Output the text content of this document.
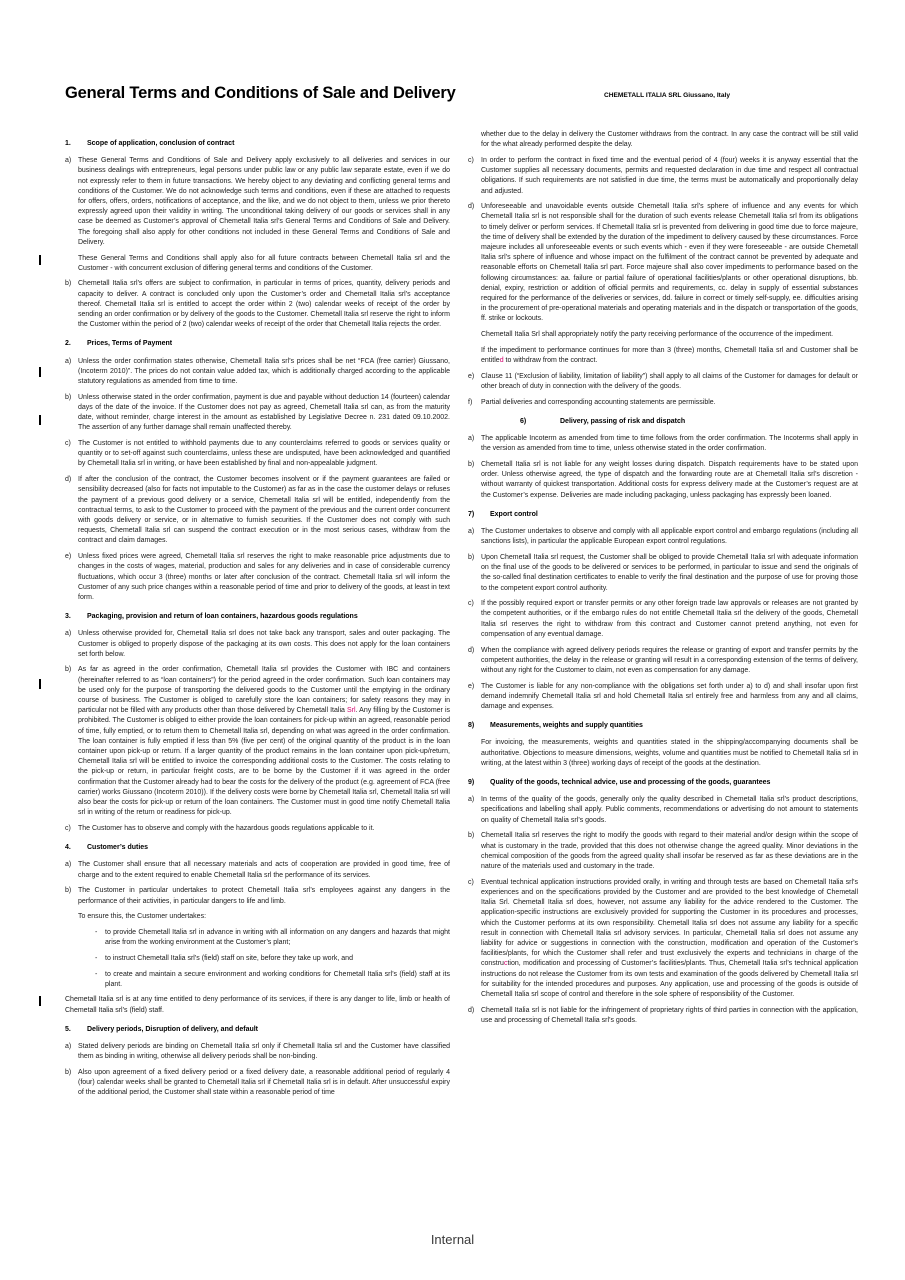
General Terms and Conditions of Sale and Delivery	CHEMETALL ITALIA SRL Giussano, Italy
1. Scope of application, conclusion of contract
a) These General Terms and Conditions of Sale and Delivery apply exclusively to all deliveries and services in our business dealings with entrepreneurs, legal persons under public law or any public law separate estate, even if we do not expressly refer to them in future transactions. We hereby object to any deviating and conflicting general terms and conditions of the Customer. We do not acknowledge such terms and conditions, even if these are attached to requests for offers, offers, orders, notifications of acceptance, and the like, and we do not object to them, unless we prior thereto expressly agreed upon their validity in writing. The unconditional taking delivery of our goods or services shall in any case be deemed as Customer’s approval of Chemetall Italia srl’s General Terms and Conditions of Sale and Delivery. The foregoing shall also apply for other conditions not included in these General Terms and Conditions of Sale and Delivery.
These General Terms and Conditions shall apply also for all future contracts between Chemetall Italia srl and the Customer - with concurrent exclusion of differing general terms and conditions of the Customer.
b) Chemetall Italia srl’s offers are subject to confirmation, in particular in terms of prices, quantity, delivery periods and capacity to deliver. A contract is concluded only upon the Customer’s order and Chemetall Italia srl’s acceptance thereof. Chemetall Italia srl is entitled to accept the order within 2 (two) calendar weeks of receipt of the order by sending an order confirmation or by delivery of the goods to the Customer. Chemetall Italia srl reserve the right to inform the Customer within the period of 2 (two) calendar weeks of receipt of the order that Chemetall Italia rejects the order.
2. Prices, Terms of Payment
a) Unless the order confirmation states otherwise, Chemetall Italia srl’s prices shall be net “FCA (free carrier) Giussano, (Incoterm 2010)”. The prices do not contain value added tax, which is additionally charged according to the applicable statutory regulations as amended from time to time.
b) Unless otherwise stated in the order confirmation, payment is due and payable without deduction 14 (fourteen) calendar days of the date of the invoice. If the Customer does not pay as agreed, Chemetall Italia srl can, as from the maturity date, without reminder, charge interest in the amount as established by Legislative Decree n. 231 dated 09.10.2002. The assertion of any further damage shall remain unaffected thereby.
c) The Customer is not entitled to withhold payments due to any counterclaims referred to goods or services quality or quantity or to set-off against such counterclaims, unless these are undisputed, have been acknowledged and quantified by Chemetall Italia srl in writing, or have been established by final and non-appealable judgment.
d) If after the conclusion of the contract, the Customer becomes insolvent or if the payment guarantees are failed or sensibility decreased (also for facts not imputable to the Customer) as far as in the case the customer delays or refuses the payment of a previous good delivery or a service, Chemetall Italia srl will be entitled, independently from the contractual terms, to ask to the Customer to proceed with the payment of the previous and the current order concurrent with goods delivery or service, or in alternative to furnish securities. If the Customer does not comply with such requests, Chemetall Italia srl can suspend the contract execution or in the most serious cases, withdraw from the contract and claim damages.
e) Unless fixed prices were agreed, Chemetall Italia srl reserves the right to make reasonable price adjustments due to changes in the costs of wages, material, production and sales for any deliveries and in case of considerable currency fluctuations, which occur 3 (three) months or later after conclusion of the contract. Chemetall Italia srl will inform the Customer of any such price changes within a reasonable period of time and prior to delivery of the goods, at least in text form.
3. Packaging, provision and return of loan containers, hazardous goods regulations
a) Unless otherwise provided for, Chemetall Italia srl does not take back any transport, sales and outer packaging. The Customer is obliged to properly dispose of the packaging at its own costs. This does not apply for the loan containers set forth below.
b) As far as agreed in the order confirmation, Chemetall Italia srl provides the Customer with IBC and containers (hereinafter referred to as “loan containers”) for the period agreed in the order confirmation. Such loan containers may be used only for the purpose of transporting the delivered goods to the Customer until the emptying in the ordinary course of business. The Customer is obliged to carefully store the loan containers; for safety reasons they may in particular not be filled with any products other than those delivered by Chemetall Italia Srl. Any filling by the Customer is prohibited. The Customer is obliged to either provide the loan containers for pick-up within an agreed, reasonable period of time, fully emptied, or to return them to Chemetall Italia srl, depending on what was agreed in the order confirmation. The loan container is fully emptied if less than 5% (five per cent) of the original quantity of the product is in the loan container upon pick-up or return. If a larger quantity of the product remains in the loan container upon pick-up/return, Chemetall Italia srl will be entitled to invoice the corresponding additional costs to the Customer. The costs relating to the pick-up or return, in particular freight costs, are to be borne by the Customer if it was agreed in the order confirmation that the Customer already had to bear the costs for the delivery of the product (e.g. agreement of FCA (free carrier) works Giussano (Incoterm 2010)). If the delivery costs were borne by Chemetall Italia srl, Chemetall Italia srl will also bear the costs for pick-up or return of the loan containers. The Customer must in good time notify Chemetall Italia srl in writing of the return or readiness for pick-up.
c) The Customer has to observe and comply with the hazardous goods regulations applicable to it.
4. Customer’s duties
a) The Customer shall ensure that all necessary materials and acts of cooperation are provided in good time, free of charge and to the extent required to enable Chemetall Italia srl the performance of its services.
b) The Customer in particular undertakes to protect Chemetall Italia srl’s employees against any dangers in the performance of their activities, in particular dangers to life and limb.
To ensure this, the Customer undertakes:
- to provide Chemetall Italia srl in advance in writing with all information on any dangers and hazards that might arise from the working environment at the Customer’s plant;
- to instruct Chemetall Italia srl’s (field) staff on site, before they take up work, and
- to create and maintain a secure environment and working conditions for Chemetall Italia srl’s (field) staff at its plant.
Chemetall Italia srl is at any time entitled to deny performance of its services, if there is any danger to life, limb or health of Chemetall Italia srl’s (field) staff.
5. Delivery periods, Disruption of delivery, and default
a) Stated delivery periods are binding on Chemetall Italia srl only if Chemetall Italia srl and the Customer have classified them as binding in writing, otherwise all delivery periods shall be non-binding.
b) Also upon agreement of a fixed delivery period or a fixed delivery date, a reasonable additional period of regularly 4 (four) calendar weeks shall be granted to Chemetall Italia srl if Chemetall Italia srl is in default. After unsuccessful expiry of the additional period, the Customer shall state within a reasonable period of time
whether due to the delay in delivery the Customer withdraws from the contract. In any case the contract will be still valid for the what already performed despite the delay.
c) In order to perform the contract in fixed time and the eventual period of 4 (four) weeks it is anyway essential that the Customer supplies all necessary documents, permits and requested declaration in due time and respect all contractual obligations. If such requirements are not satisfied in due time, the terms must be automatically and proportionally delay and adjusted.
d) Unforeseeable and unavoidable events outside Chemetall Italia srl’s sphere of influence and any events for which Chemetall Italia srl is not responsible shall for the duration of such events release Chemetall Italia srl from its obligations to timely deliver or perform services. If Chemetall Italia srl is prevented from delivering in good time due to force majeure, the time of delivery shall be extended by the duration of the impediment to delivery caused by these circumstances. Force majeure includes all unforeseeable events or such events which - even if they were foreseeable - are outside Chemetall Italia srl’s sphere of influence and whose impact on the fulfilment of the contract cannot be prevented by adequate and reasonable efforts on Chemetall Italia srl part. Force majeure shall also cover impediments to performance based on the following circumstances: aa. failure or partial failure of operational facilities/plants or other operational disruptions, bb. denial, expiry, restriction or addition of official permits and requirements, cc. delay in supply of essential substances required for the performance of the deliveries or services, dd. failure in correct or timely self-supply, ee. difficulties arising in the procurement of pre-operational materials and operating materials and in the dispatch or transportation of the goods, ff. strike or lockouts.
Chemetall Italia Srl shall appropriately notify the party receiving performance of the occurrence of the impediment.
If the impediment to performance continues for more than 3 (three) months, Chemetall Italia srl and Customer shall be entitled to withdraw from the contract.
e) Clause 11 (“Exclusion of liability, limitation of liability”) shall apply to all claims of the Customer for damages for default or other breach of duty in connection with the delivery of the goods.
f) Partial deliveries and corresponding accounting statements are permissible.
6)	Delivery, passing of risk and dispatch
a) The applicable Incoterm as amended from time to time follows from the order confirmation. The Incoterms shall apply in the version as amended from time to time, unless otherwise stated in the order confirmation.
b) Chemetall Italia srl is not liable for any weight losses during dispatch. Dispatch requirements have to be stated upon order. Unless otherwise agreed, the type of dispatch and the forwarding route are at Chemetall Italia srl’s discretion - without warranty of quickest transportation. Additional costs for express delivery made at the Customer’s request are at the Customer’s expense. Deliveries are made including packaging, unless packaging has expressly been loaned.
7) Export control
a) The Customer undertakes to observe and comply with all applicable export control and embargo regulations (including all sanctions lists), in particular the applicable European export control regulations.
b) Upon Chemetall Italia srl request, the Customer shall be obliged to provide Chemetall Italia srl with adequate information on the final use of the goods to be delivered or services to be performed, in particular to issue and send the originals of the so-called final destination certificates to enable to verify the final destination and the purpose of use for proving those to the competent export control authority.
c) If the possibly required export or transfer permits or any other foreign trade law approvals or releases are not granted by the competent authorities, or if the embargo rules do not entitle Chemetall Italia srl the delivery of the goods, Chemetall Italia srl reserves the right to withdraw from this contract and Customer cannot pretend anything, not even for compensation of any eventual damage.
d) When the compliance with agreed delivery periods requires the release or granting of export and transfer permits by the competent authorities, the delay in the release or granting will result in a corresponding extension of the terms of delivery, without any right for the Customer to claim, not even as compensation for any damage.
e) The Customer is liable for any non-compliance with the obligations set forth under a) to d) and shall insofar upon first demand indemnify Chemetall Italia srl and hold Chemetall Italia srl entirely free and harmless from any and all claims, damage and expenses.
8) Measurements, weights and supply quantities
For invoicing, the measurements, weights and quantities stated in the shipping/accompanying documents shall be authoritative. Objections to measure dimensions, weights, volume and quantities must be notified to Chemetall Italia srl in writing, at the latest within 3 (three) working days of receipt of the goods at the destination.
9) Quality of the goods, technical advice, use and processing of the goods, guarantees
a) In terms of the quality of the goods, generally only the quality described in Chemetall Italia srl’s product descriptions, specifications and labelling shall apply. Public comments, recommendations or advertising do not amount to statements on quality of Chemetall Italia srl’s goods.
b) Chemetall Italia srl reserves the right to modify the goods with regard to their material and/or design within the scope of what is customary in the trade, provided that this does not otherwise change the agreed quality. Minor deviations in the chemical composition of the goods from the agreed quality shall insofar be reserved as far as these deviations are in the nature of the materials used and customary in the trade.
c) Eventual technical application instructions provided orally, in writing and through tests are based on Chemetall Italia srl’s experiences and on the specifications provided by the Customer and are provided to the best knowledge of Chemetall Italia Srl. Chemetall Italia srl does, however, not assume any liability for the advice rendered to the Customer. The application-specific instructions are exclusively provided for supporting the Customer in its procedures and processes, which the Customer performs at its own responsibility. Chemetall Italia srl does not assume any liability for a specific result in connection with Chemetall Italia srl advisory services. In particular, Chemetall Italia srl does not assume any liability for advice or suggestions in connection with the construction, modification and operation of the Customer’s facilities/plants, for which the Customer shall refer and trust exclusively the experts and technicians in charge of the construction, modification and processing of Customer’s facilities/plants. Thus, Chemetall Italia srl’s technical application instructions do not release the Customer from its own tests and examination of the goods delivered by Chemetall Italia srl for suitability for the intended procedures and purposes. Any application, use and processing of the goods is outside of Chemetall Italia srl scope of control and therefore in the sole sphere of responsibility of the Customer.
d) Chemetall Italia srl is not liable for the infringement of proprietary rights of third parties in connection with the application, use and processing of Chemetall Italia srl’s goods.
Internal
